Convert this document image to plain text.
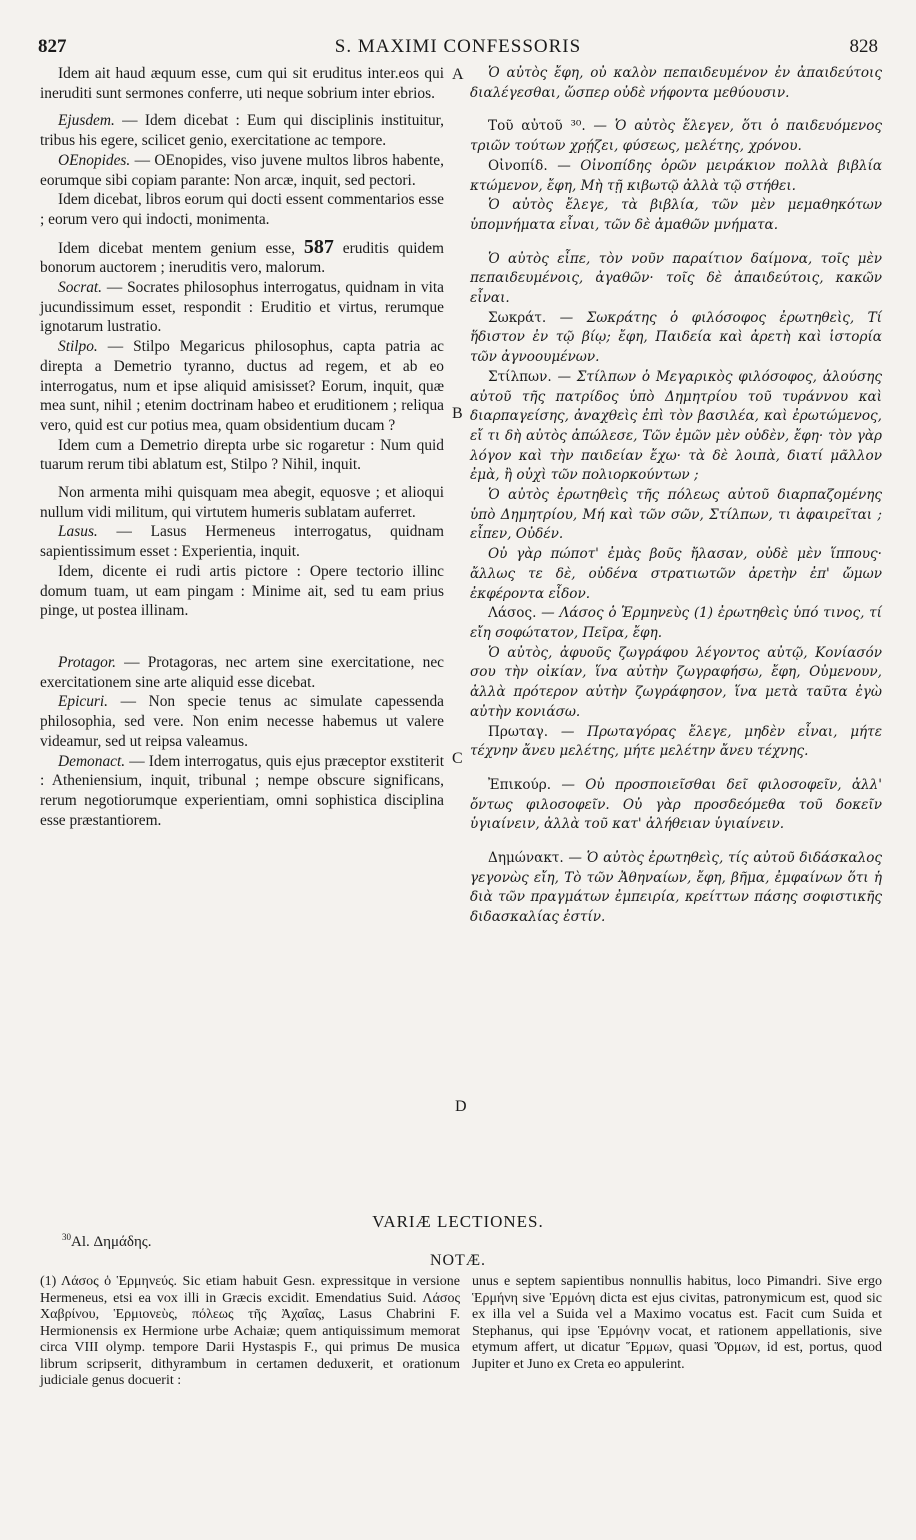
827	S. MAXIMI CONFESSORIS	828

Idem ait haud æquum esse, cum qui sit eruditus inter.eos qui ineruditi sunt sermones conferre, uti neque sobrium inter ebrios.

Ejusdem. — Idem dicebat : Eum qui disciplinis instituitur, tribus his egere, scilicet genio, exercitatione ac tempore.

OEnopides. — OEnopides, viso juvene multos libros habente, eorumque sibi copiam parante: Non arcæ, inquit, sed pectori.

Idem dicebat, libros eorum qui docti essent commentarios esse ; eorum vero qui indocti, monimenta.

Idem dicebat mentem genium esse, 587 eruditis quidem bonorum auctorem ; ineruditis vero, malorum.

Socrat. — Socrates philosophus interrogatus, quidnam in vita jucundissimum esset, respondit : Eruditio et virtus, rerumque ignotarum lustratio.

Stilpo. — Stilpo Megaricus philosophus, capta patria ac direpta a Demetrio tyranno, ductus ad regem, et ab eo interrogatus, num et ipse aliquid amisisset? Eorum, inquit, quæ mea sunt, nihil ; etenim doctrinam habeo et eruditionem ; reliqua vero, quid est cur potius mea, quam obsidentium ducam ?

Idem cum a Demetrio direpta urbe sic rogaretur : Num quid tuarum rerum tibi ablatum est, Stilpo ? Nihil, inquit.

Non armenta mihi quisquam mea abegit, equosve ; et alioqui nullum vidi militum, qui virtutem humeris sublatam auferret.

Lasus. — Lasus Hermeneus interrogatus, quidnam sapientissimum esset : Experientia, inquit.

Idem, dicente ei rudi artis pictore : Opere tectorio illinc domum tuam, ut eam pingam : Minime ait, sed tu eam prius pinge, ut postea illinam.

Protagor. — Protagoras, nec artem sine exercitatione, nec exercitationem sine arte aliquid esse dicebat.

Epicuri. — Non specie tenus ac simulate capessenda philosophia, sed vere. Non enim necesse habemus ut valere videamur, sed ut reipsa valeamus.

Demonact. — Idem interrogatus, quis ejus præceptor exstiterit : Atheniensium, inquit, tribunal ; nempe obscure significans, rerum negotiorumque experientiam, omni sophistica disciplina esse præstantiorem.

A
B
C
D

Ὁ αὐτὸς ἔφη, οὐ καλὸν πεπαιδευμένον ἐν ἀπαιδεύτοις διαλέγεσθαι, ὥσπερ οὐδὲ νήφοντα μεθύουσιν.

Τοῦ αὐτοῦ ³⁰. — Ὁ αὐτὸς ἔλεγεν, ὅτι ὁ παιδευόμενος τριῶν τούτων χρῄζει, φύσεως, μελέτης, χρόνου.

Οἰνοπίδ. — Οἰνοπίδης ὁρῶν μειράκιον πολλὰ βιβλία κτώμενον, ἔφη, Μὴ τῇ κιβωτῷ ἀλλὰ τῷ στήθει.

Ὁ αὐτὸς ἔλεγε, τὰ βιβλία, τῶν μὲν μεμαθηκότων ὑπομνήματα εἶναι, τῶν δὲ ἀμαθῶν μνήματα.

Ὁ αὐτὸς εἶπε, τὸν νοῦν παραίτιον δαίμονα, τοῖς μὲν πεπαιδευμένοις, ἀγαθῶν· τοῖς δὲ ἀπαιδεύτοις, κακῶν εἶναι.

Σωκράτ. — Σωκράτης ὁ φιλόσοφος ἐρωτηθεὶς, Τί ἥδιστον ἐν τῷ βίῳ; ἔφη, Παιδεία καὶ ἀρετὴ καὶ ἱστορία τῶν ἀγνοουμένων.

Στίλπων. — Στίλπων ὁ Μεγαρικὸς φιλόσοφος, ἁλούσης αὐτοῦ τῆς πατρίδος ὑπὸ Δημητρίου τοῦ τυράννου καὶ διαρπαγείσης, ἀναχθεὶς ἐπὶ τὸν βασιλέα, καὶ ἐρωτώμενος, εἴ τι δὴ αὐτὸς ἀπώλεσε, Τῶν ἐμῶν μὲν οὐδὲν, ἔφη· τὸν γὰρ λόγον καὶ τὴν παιδείαν ἔχω· τὰ δὲ λοιπὰ, διατί μᾶλλον ἐμὰ, ἢ οὐχὶ τῶν πολιορκούντων ;

Ὁ αὐτὸς ἐρωτηθεὶς τῆς πόλεως αὐτοῦ διαρπαζομένης ὑπὸ Δημητρίου, Μή καὶ τῶν σῶν, Στίλπων, τι ἀφαιρεῖται ; εἶπεν, Οὐδέν.

Οὐ γὰρ πώποτ' ἐμὰς βοῦς ἤλασαν, οὐδὲ μὲν ἵππους· ἄλλως τε δὲ, οὐδένα στρατιωτῶν ἀρετὴν ἐπ' ὤμων ἐκφέροντα εἶδον.

Λάσος. — Λάσος ὁ Ἑρμηνεὺς (1) ἐρωτηθεὶς ὑπό τινος, τί εἴη σοφώτατον, Πεῖρα, ἔφη.

Ὁ αὐτὸς, ἀφυοῦς ζωγράφου λέγοντος αὐτῷ, Κονίασόν σου τὴν οἰκίαν, ἵνα αὐτὴν ζωγραφήσω, ἔφη, Οὐμενουν, ἀλλὰ πρότερον αὐτὴν ζωγράφησον, ἵνα μετὰ ταῦτα ἐγὼ αὐτὴν κονιάσω.

Πρωταγ. — Πρωταγόρας ἔλεγε, μηδὲν εἶναι, μήτε τέχνην ἄνευ μελέτης, μήτε μελέτην ἄνευ τέχνης.

Ἐπικούρ. — Οὐ προσποιεῖσθαι δεῖ φιλοσοφεῖν, ἀλλ' ὄντως φιλοσοφεῖν. Οὐ γὰρ προσδεόμεθα τοῦ δοκεῖν ὑγιαίνειν, ἀλλὰ τοῦ κατ' ἀλήθειαν ὑγιαίνειν.

Δημώνακτ. — Ὁ αὐτὸς ἐρωτηθεὶς, τίς αὐτοῦ διδάσκαλος γεγονὼς εἴη, Τὸ τῶν Ἀθηναίων, ἔφη, βῆμα, ἐμφαίνων ὅτι ἡ διὰ τῶν πραγμάτων ἐμπειρία, κρείττων πάσης σοφιστικῆς διδασκαλίας ἐστίν.

VARIÆ LECTIONES.
$^{30}$Al. Δημάδης.
NOTÆ.
(1) Λάσος ὁ Ἑρμηνεύς. Sic etiam habuit Gesn. expressitque in versione Hermeneus, etsi ea vox illi in Græcis excidit. Emendatius Suid. Λάσος Χαβρίνου, Ἑρμιονεὺς, πόλεως τῆς Ἀχαΐας, Lasus Chabrini F. Hermionensis ex Hermione urbe Achaiæ; quem antiquissimum memorat circa VIII olymp. tempore Darii Hystaspis F., qui primus De musica librum scripserit, dithyrambum in certamen deduxerit, et orationum judiciale genus docuerit :
unus e septem sapientibus nonnullis habitus, loco Pimandri. Sive ergo Ἑρμήνη sive Ἑρμόνη dicta est ejus civitas, patronymicum est, quod sic ex illa vel a Suida vel a Maximo vocatus est. Facit cum Suida et Stephanus, qui ipse Ἑρμόνην vocat, et rationem appellationis, sive etymum affert, ut dicatur Ἕρμων, quasi Ὅρμων, id est, portus, quod Jupiter et Juno ex Creta eo appulerint.
